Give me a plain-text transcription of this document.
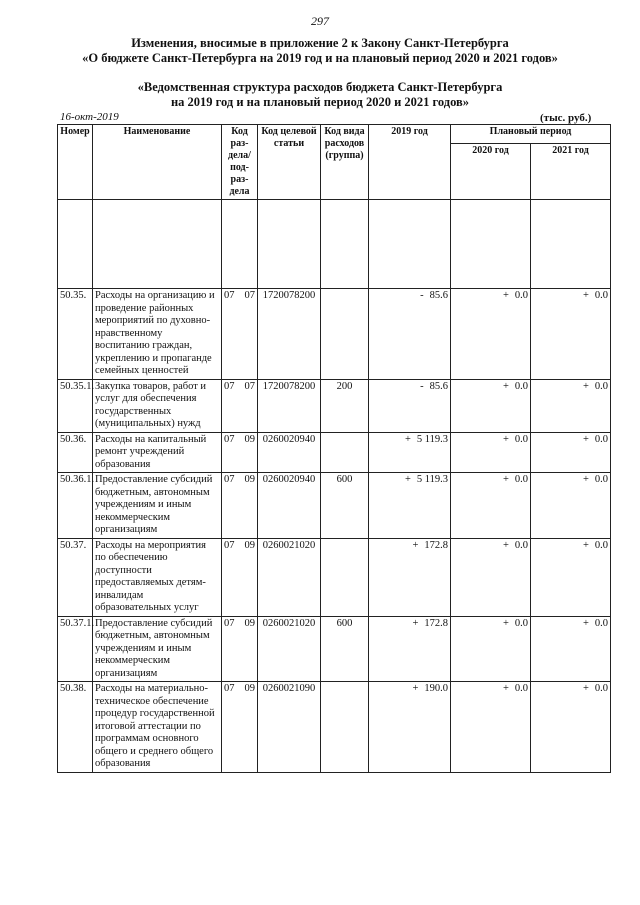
297
Изменения, вносимые в приложение 2 к Закону Санкт-Петербурга
«О бюджете Санкт-Петербурга на 2019 год и на плановый период 2020 и 2021 годов»
«Ведомственная структура расходов бюджета Санкт-Петербурга
на 2019 год и на плановый период 2020 и 2021 годов»
16-окт-2019	(тыс. руб.)
Номер	Наименование	Код раз-дела/ под-раз-дела	Код целевой статьи	Код вида расходов (группа)	2019 год	Плановый период	
						2020 год	2021 год

50.35.	Расходы на организацию и проведение районных мероприятий по духовно-нравственному воспитанию граждан, укреплению и пропаганде семейных ценностей	07 07	1720078200		- 85.6	+ 0.0	+ 0.0
50.35.1.	Закупка товаров, работ и услуг для обеспечения государственных (муниципальных) нужд	07 07	1720078200	200	- 85.6	+ 0.0	+ 0.0
50.36.	Расходы на капитальный ремонт учреждений образования	07 09	0260020940		+ 5 119.3	+ 0.0	+ 0.0
50.36.1.	Предоставление субсидий бюджетным, автономным учреждениям и иным некоммерческим организациям	07 09	0260020940	600	+ 5 119.3	+ 0.0	+ 0.0
50.37.	Расходы на мероприятия по обеспечению доступности предоставляемых детям-инвалидам образовательных услуг	07 09	0260021020		+ 172.8	+ 0.0	+ 0.0
50.37.1.	Предоставление субсидий бюджетным, автономным учреждениям и иным некоммерческим организациям	07 09	0260021020	600	+ 172.8	+ 0.0	+ 0.0
50.38.	Расходы на материально-техническое обеспечение процедур государственной итоговой аттестации по программам основного общего и среднего общего образования	07 09	0260021090		+ 190.0	+ 0.0	+ 0.0
